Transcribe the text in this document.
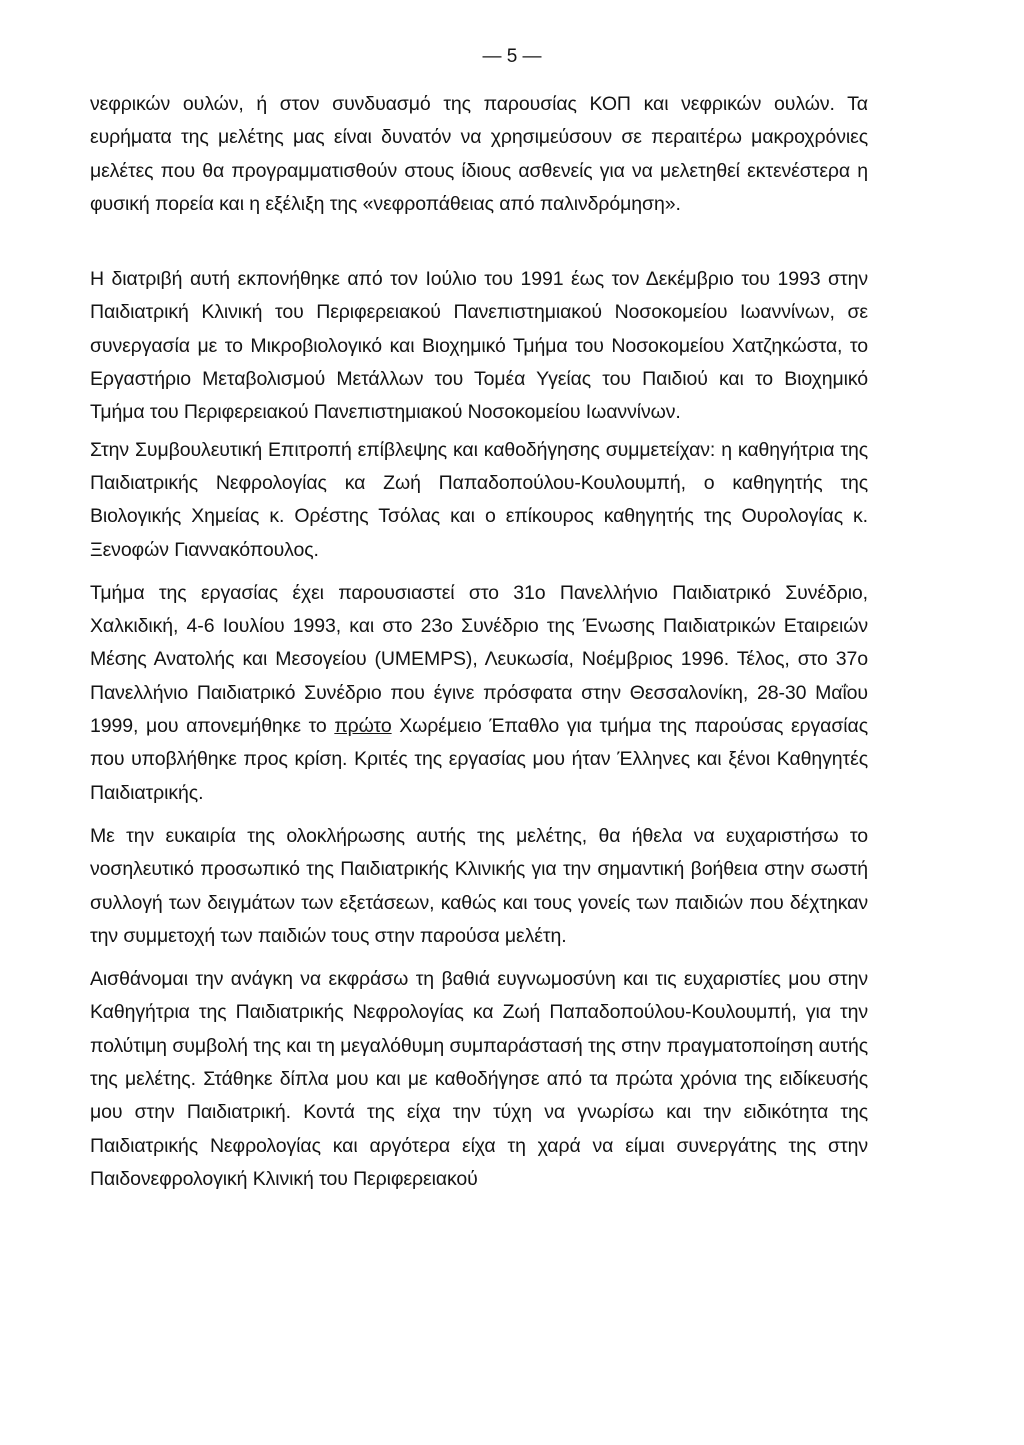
— 5 —

νεφρικών ουλών, ή στον συνδυασμό της παρουσίας ΚΟΠ και νεφρικών ουλών. Τα ευρήματα της μελέτης μας είναι δυνατόν να χρησιμεύσουν σε περαιτέρω μακροχρόνιες μελέτες που θα προγραμματισθούν στους ίδιους ασθενείς για να μελετηθεί εκτενέστερα η φυσική πορεία και η εξέλιξη της «νεφροπάθειας από παλινδρόμηση».

Η διατριβή αυτή εκπονήθηκε από τον Ιούλιο του 1991 έως τον Δεκέμβριο του 1993 στην Παιδιατρική Κλινική του Περιφερειακού Πανεπιστημιακού Νοσοκομείου Ιωαννίνων, σε συνεργασία με το Μικροβιολογικό και Βιοχημικό Τμήμα του Νοσοκομείου Χατζηκώστα, το Εργαστήριο Μεταβολισμού Μετάλλων του Τομέα Υγείας του Παιδιού και το Βιοχημικό Τμήμα του Περιφερειακού Πανεπιστημιακού Νοσοκομείου Ιωαννίνων.

Στην Συμβουλευτική Επιτροπή επίβλεψης και καθοδήγησης συμμετείχαν: η καθηγήτρια της Παιδιατρικής Νεφρολογίας κα Ζωή Παπαδοπούλου-Κουλουμπή, ο καθηγητής της Βιολογικής Χημείας κ. Ορέστης Τσόλας και ο επίκουρος καθηγητής της Ουρολογίας κ. Ξενοφών Γιαννακόπουλος.

Τμήμα της εργασίας έχει παρουσιαστεί στο 31ο Πανελλήνιο Παιδιατρικό Συνέδριο, Χαλκιδική, 4-6 Ιουλίου 1993, και στο 23ο Συνέδριο της Ένωσης Παιδιατρικών Εταιρειών Μέσης Ανατολής και Μεσογείου (UMEMPS), Λευκωσία, Νοέμβριος 1996. Τέλος, στο 37ο Πανελλήνιο Παιδιατρικό Συνέδριο που έγινε πρόσφατα στην Θεσσαλονίκη, 28-30 Μαΐου 1999, μου απονεμήθηκε το πρώτο Χωρέμειο Έπαθλο για τμήμα της παρούσας εργασίας που υποβλήθηκε προς κρίση. Κριτές της εργασίας μου ήταν Έλληνες και ξένοι Καθηγητές Παιδιατρικής.

Με την ευκαιρία της ολοκλήρωσης αυτής της μελέτης, θα ήθελα να ευχαριστήσω το νοσηλευτικό προσωπικό της Παιδιατρικής Κλινικής για την σημαντική βοήθεια στην σωστή συλλογή των δειγμάτων των εξετάσεων, καθώς και τους γονείς των παιδιών που δέχτηκαν την συμμετοχή των παιδιών τους στην παρούσα μελέτη.

Αισθάνομαι την ανάγκη να εκφράσω τη βαθιά ευγνωμοσύνη και τις ευχαριστίες μου στην Καθηγήτρια της Παιδιατρικής Νεφρολογίας κα Ζωή Παπαδοπούλου-Κουλουμπή, για την πολύτιμη συμβολή της και τη μεγαλόθυμη συμπαράστασή της στην πραγματοποίηση αυτής της μελέτης. Στάθηκε δίπλα μου και με καθοδήγησε από τα πρώτα χρόνια της ειδίκευσής μου στην Παιδιατρική. Κοντά της είχα την τύχη να γνωρίσω και την ειδικότητα της Παιδιατρικής Νεφρολογίας και αργότερα είχα τη χαρά να είμαι συνεργάτης της στην Παιδονεφρολογική Κλινική του Περιφερειακού
